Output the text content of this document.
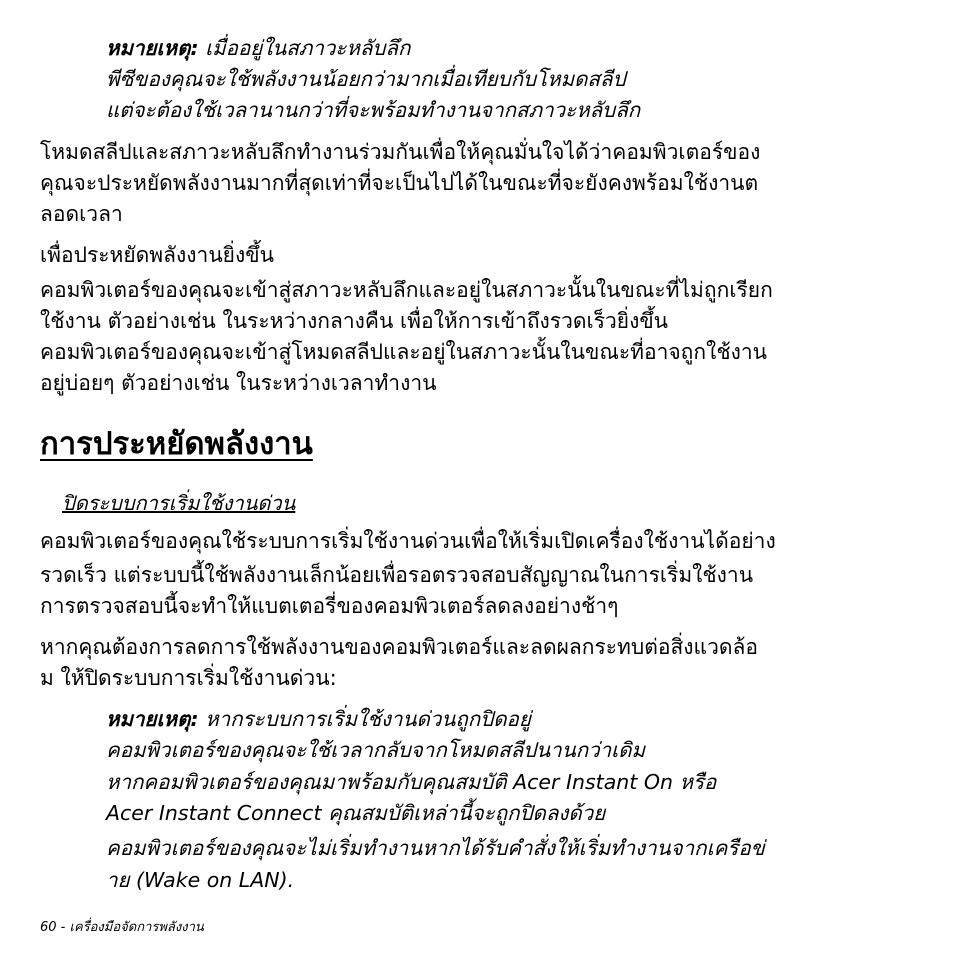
หมายเหตุ: เมื่ออยู่ในสภาวะหลับลึก
พีซีของคุณจะใช้พลังงานน้อยกว่ามากเมื่อเทียบกับโหมดสลีป
แต่จะต้องใช้เวลานานกว่าที่จะพร้อมทำงานจากสภาวะหลับลึก
โหมดสลีปและสภาวะหลับลึกทำงานร่วมกันเพื่อให้คุณมั่นใจได้ว่าคอมพิวเตอร์ของ
คุณจะประหยัดพลังงานมากที่สุดเท่าที่จะเป็นไปได้ในขณะที่จะยังคงพร้อมใช้งานต
ลอดเวลา
เพื่อประหยัดพลังงานยิ่งขึ้น
คอมพิวเตอร์ของคุณจะเข้าสู่สภาวะหลับลึกและอยู่ในสภาวะนั้นในขณะที่ไม่ถูกเรียก
ใช้งาน ตัวอย่างเช่น ในระหว่างกลางคืน เพื่อให้การเข้าถึงรวดเร็วยิ่งขึ้น
คอมพิวเตอร์ของคุณจะเข้าสู่โหมดสลีปและอยู่ในสภาวะนั้นในขณะที่อาจถูกใช้งาน
อยู่บ่อยๆ ตัวอย่างเช่น ในระหว่างเวลาทำงาน
การประหยัดพลังงาน
ปิดระบบการเริ่มใช้งานด่วน
คอมพิวเตอร์ของคุณใช้ระบบการเริ่มใช้งานด่วนเพื่อให้เริ่มเปิดเครื่องใช้งานได้อย่าง
รวดเร็ว แต่ระบบนี้ใช้พลังงานเล็กน้อยเพื่อรอตรวจสอบสัญญาณในการเริ่มใช้งาน
การตรวจสอบนี้จะทำให้แบตเตอรี่ของคอมพิวเตอร์ลดลงอย่างช้าๆ
หากคุณต้องการลดการใช้พลังงานของคอมพิวเตอร์และลดผลกระทบต่อสิ่งแวดล้อ
ม ให้ปิดระบบการเริ่มใช้งานด่วน:
หมายเหตุ: หากระบบการเริ่มใช้งานด่วนถูกปิดอยู่
คอมพิวเตอร์ของคุณจะใช้เวลากลับจากโหมดสลีปนานกว่าเดิม
หากคอมพิวเตอร์ของคุณมาพร้อมกับคุณสมบัติ Acer Instant On หรือ
Acer Instant Connect คุณสมบัติเหล่านี้จะถูกปิดลงด้วย
คอมพิวเตอร์ของคุณจะไม่เริ่มทำงานหากได้รับคำสั่งให้เริ่มทำงานจากเครือข่
าย (Wake on LAN).
60 - เครื่องมือจัดการพลังงาน
